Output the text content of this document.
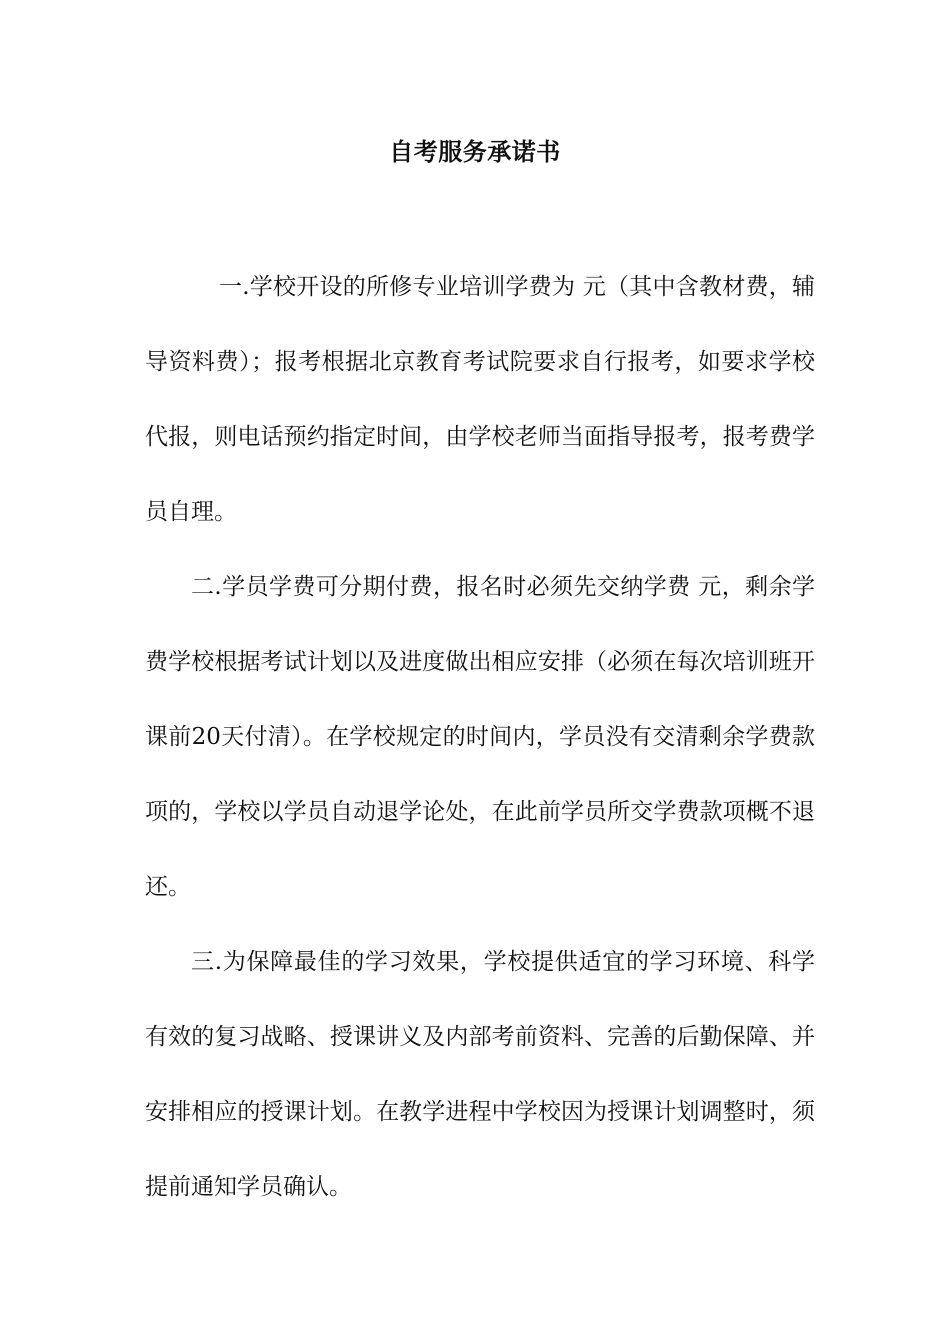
自考服务承诺书

一.学校开设的所修专业培训学费为 元（其中含教材费，辅导资料费）；报考根据北京教育考试院要求自行报考，如要求学校代报，则电话预约指定时间，由学校老师当面指导报考，报考费学员自理。

二.学员学费可分期付费，报名时必须先交纳学费 元，剩余学费学校根据考试计划以及进度做出相应安排（必须在每次培训班开课前20天付清）。在学校规定的时间内，学员没有交清剩余学费款项的，学校以学员自动退学论处，在此前学员所交学费款项概不退还。

三.为保障最佳的学习效果，学校提供适宜的学习环境、科学有效的复习战略、授课讲义及内部考前资料、完善的后勤保障、并安排相应的授课计划。在教学进程中学校因为授课计划调整时，须提前通知学员确认。
